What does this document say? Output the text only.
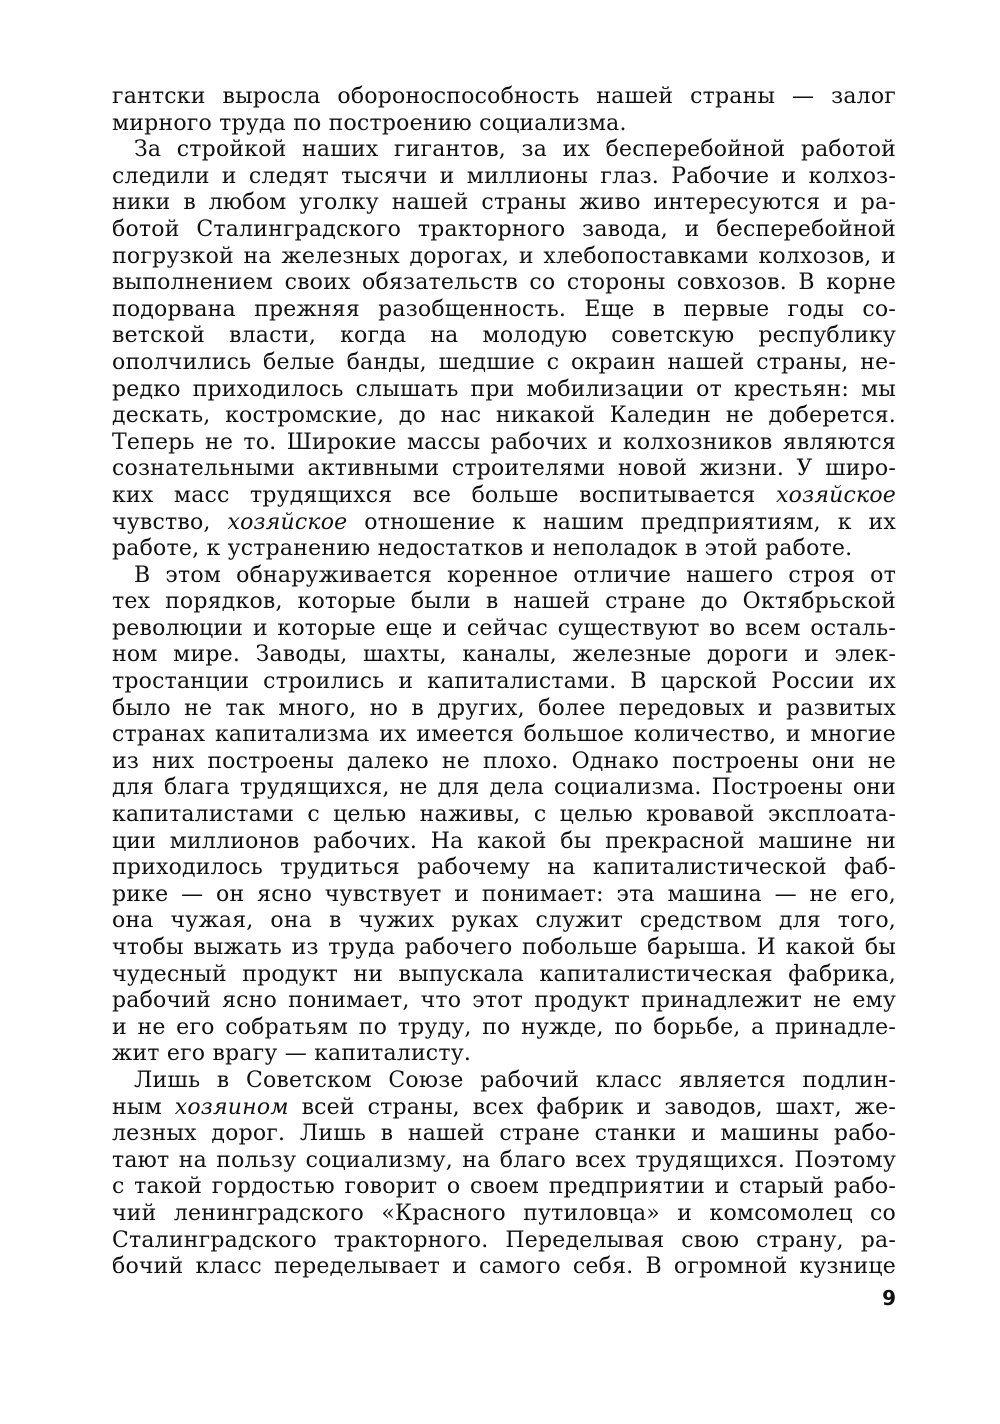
гантски выросла обороноспособность нашей страны — залог
мирного труда по построению социализма.
За стройкой наших гигантов, за их бесперебойной работой
следили и следят тысячи и миллионы глаз. Рабочие и колхоз-
ники в любом уголку нашей страны живо интересуются и ра-
ботой Сталинградского тракторного завода, и бесперебойной
погрузкой на железных дорогах, и хлебопоставками колхозов, и
выполнением своих обязательств со стороны совхозов. В корне
подорвана прежняя разобщенность. Еще в первые годы со-
ветской власти, когда на молодую советскую республику
ополчились белые банды, шедшие с окраин нашей страны, не-
редко приходилось слышать при мобилизации от крестьян: мы
дескать, костромские, до нас никакой Каледин не доберется.
Теперь не то. Широкие массы рабочих и колхозников являются
сознательными активными строителями новой жизни. У широ-
ких масс трудящихся все больше воспитывается хозяйское
чувство, хозяйское отношение к нашим предприятиям, к их
работе, к устранению недостатков и неполадок в этой работе.
В этом обнаруживается коренное отличие нашего строя от
тех порядков, которые были в нашей стране до Октябрьской
революции и которые еще и сейчас существуют во всем осталь-
ном мире. Заводы, шахты, каналы, железные дороги и элек-
тростанции строились и капиталистами. В царской России их
было не так много, но в других, более передовых и развитых
странах капитализма их имеется большое количество, и многие
из них построены далеко не плохо. Однако построены они не
для блага трудящихся, не для дела социализма. Построены они
капиталистами с целью наживы, с целью кровавой эксплоата-
ции миллионов рабочих. На какой бы прекрасной машине ни
приходилось трудиться рабочему на капиталистической фаб-
рике — он ясно чувствует и понимает: эта машина — не его,
она чужая, она в чужих руках служит средством для того,
чтобы выжать из труда рабочего побольше барыша. И какой бы
чудесный продукт ни выпускала капиталистическая фабрика,
рабочий ясно понимает, что этот продукт принадлежит не ему
и не его собратьям по труду, по нужде, по борьбе, а принадле-
жит его врагу — капиталисту.
Лишь в Советском Союзе рабочий класс является подлин-
ным хозяином всей страны, всех фабрик и заводов, шахт, же-
лезных дорог. Лишь в нашей стране станки и машины рабо-
тают на пользу социализму, на благо всех трудящихся. Поэтому
с такой гордостью говорит о своем предприятии и старый рабо-
чий ленинградского «Красного путиловца» и комсомолец со
Сталинградского тракторного. Переделывая свою страну, ра-
бочий класс переделывает и самого себя. В огромной кузнице
9
